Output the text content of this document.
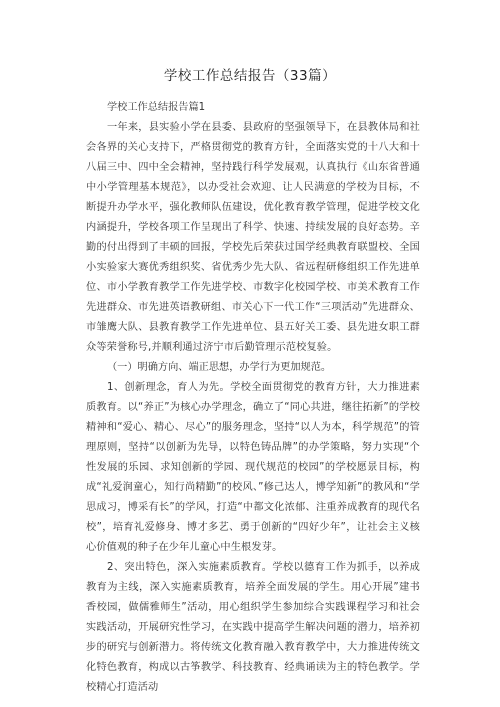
学校工作总结报告（33篇）
学校工作总结报告篇1

一年来，县实验小学在县委、县政府的坚强领导下，在县教体局和社会各界的关心支持下，严格贯彻党的教育方针，全面落实党的十八大和十八届三中、四中全会精神，坚持践行科学发展观，认真执行《山东省普通中小学管理基本规范》，以办受社会欢迎、让人民满意的学校为目标，不断提升办学水平，强化教师队伍建设，优化教育教学管理，促进学校文化内涵提升，学校各项工作呈现出了科学、快速、持续发展的良好态势。辛勤的付出得到了丰硕的回报，学校先后荣获过国学经典教育联盟校、全国小实验家大赛优秀组织奖、省优秀少先大队、省远程研修组织工作先进单位、市小学教育教学工作先进学校、市数字化校园学校、市美术教育工作先进群众、市先进英语教研组、市关心下一代工作“三项活动”先进群众、市雏鹰大队、县教育教学工作先进单位、县五好关工委、县先进女职工群众等荣誉称号,并顺利通过济宁市后勤管理示范校复验。

（一）明确方向、端正思想，办学行为更加规范。

1、创新理念，育人为先。学校全面贯彻党的教育方针，大力推进素质教育。以“养正”为核心办学理念，确立了“同心共进，继往拓新”的学校精神和“爱心、精心、尽心”的服务理念，坚持“以人为本，科学规范”的管理原则，坚持“以创新为先导，以特色铸品牌”的办学策略，努力实现“个性发展的乐园、求知创新的学园、现代规范的校园”的学校愿景目标，构成“礼爱润童心，知行尚精勤”的校风、”修己达人，博学知新”的教风和“学思成习，博采有长”的学风，打造“中都文化浓郁、注重养成教育的现代名校”，培育礼爱修身、博才多艺、勇于创新的“四好少年”，让社会主义核心价值观的种子在少年儿童心中生根发芽。

2、突出特色，深入实施素质教育。学校以德育工作为抓手，以养成教育为主线，深入实施素质教育，培养全面发展的学生。用心开展”建书香校园，做儒雅师生”活动，用心组织学生参加综合实践课程学习和社会实践活动，开展研究性学习，在实践中提高学生解决问题的潜力，培养初步的研究与创新潜力。将传统文化教育融入教育教学中，大力推进传统文化特色教育，构成以古筝教学、科技教育、经典诵读为主的特色教学。学校精心打造活动
